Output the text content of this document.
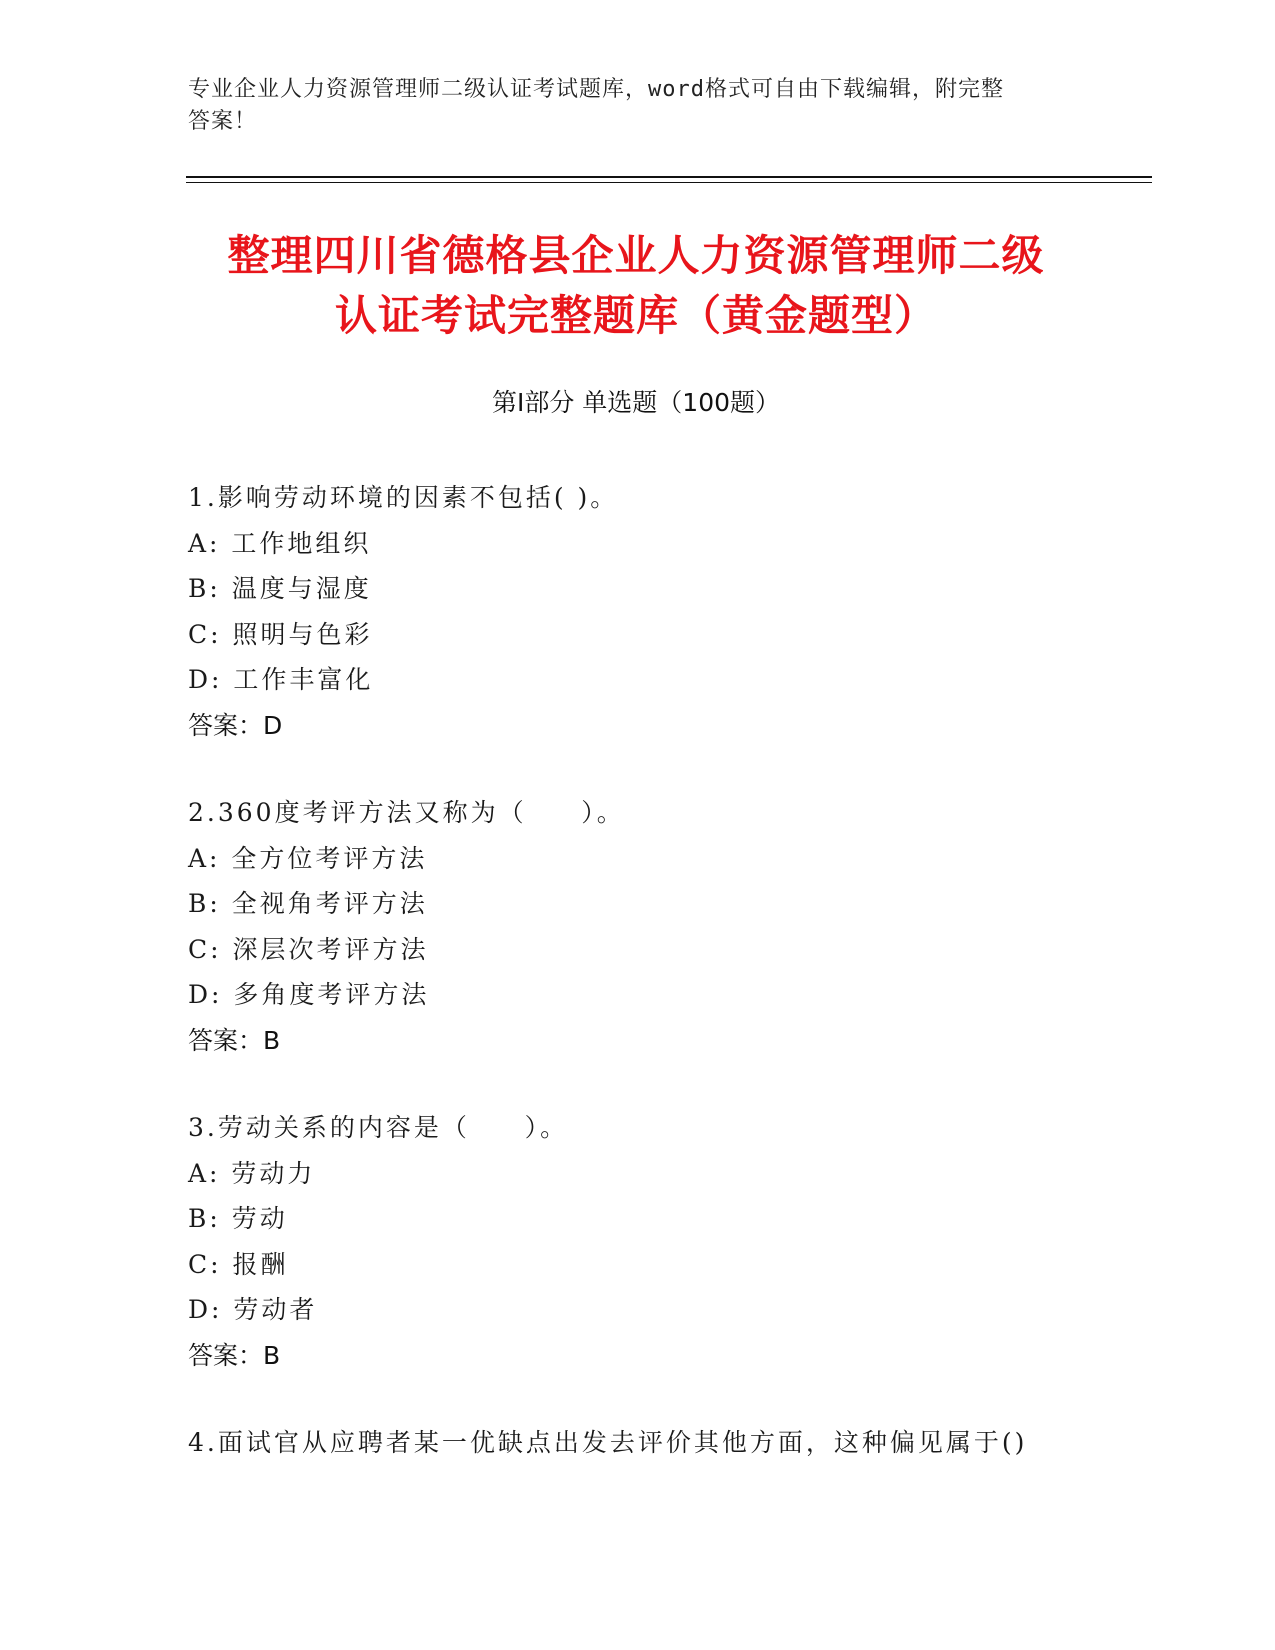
专业企业人力资源管理师二级认证考试题库，word格式可自由下载编辑，附完整
答案！
整理四川省德格县企业人力资源管理师二级
认证考试完整题库（黄金题型）
第I部分 单选题（100题）
1.影响劳动环境的因素不包括( )。
A: 工作地组织
B: 温度与湿度
C: 照明与色彩
D: 工作丰富化
答案：D
2.360度考评方法又称为（     ）。
A: 全方位考评方法
B: 全视角考评方法
C: 深层次考评方法
D: 多角度考评方法
答案：B
3.劳动关系的内容是（     ）。
A: 劳动力
B: 劳动
C: 报酬
D: 劳动者
答案：B
4.面试官从应聘者某一优缺点出发去评价其他方面，这种偏见属于()
